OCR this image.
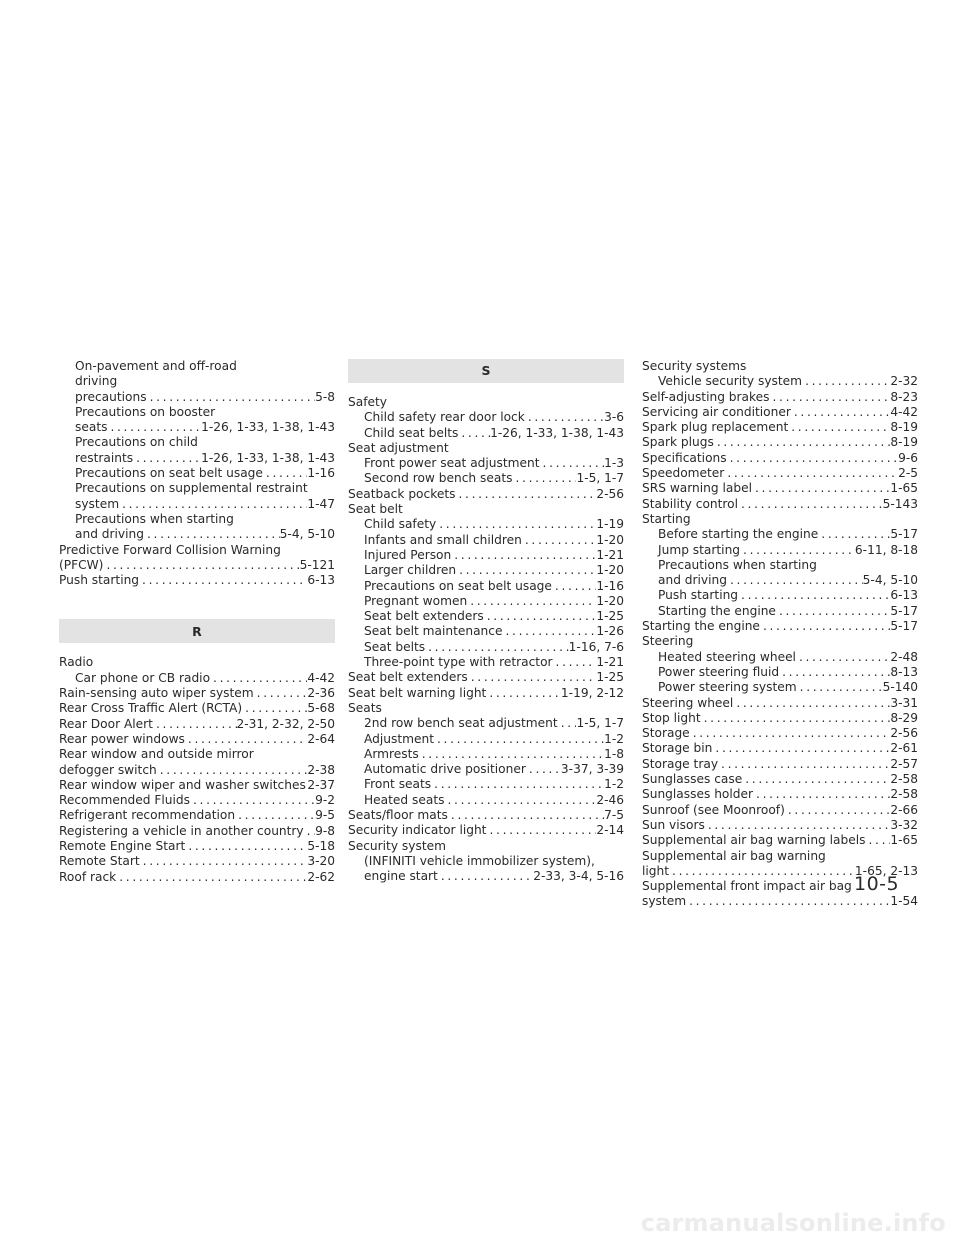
On-pavement and off-road
driving
precautions . . .	5-8
Precautions on booster
seats . . .	1-26, 1-33, 1-38, 1-43
Precautions on child
restraints . . .	1-26, 1-33, 1-38, 1-43
Precautions on seat belt usage . . .	1-16
Precautions on supplemental restraint
system . . .	1-47
Precautions when starting
and driving . . .	5-4, 5-10
Predictive Forward Collision Warning
(PFCW) . . .	5-121
Push starting . . .	6-13
R
Radio
Car phone or CB radio . . .	4-42
Rain-sensing auto wiper system . . .	2-36
Rear Cross Traffic Alert (RCTA) . . .	5-68
Rear Door Alert . . .	2-31, 2-32, 2-50
Rear power windows . . .	2-64
Rear window and outside mirror
defogger switch . . .	2-38
Rear window wiper and washer switches 2-37
Recommended Fluids . . .	9-2
Refrigerant recommendation . . .	9-5
Registering a vehicle in another country . . . 9-8
Remote Engine Start . . .	5-18
Remote Start . . .	3-20
Roof rack . . .	2-62
S
Safety
Child safety rear door lock . . .	3-6
Child seat belts . . .	1-26, 1-33, 1-38, 1-43
Seat adjustment
Front power seat adjustment . . .	1-3
Second row bench seats . . .	1-5, 1-7
Seatback pockets . . .	2-56
Seat belt
Child safety . . .	1-19
Infants and small children . . .	1-20
Injured Person . . .	1-21
Larger children . . .	1-20
Precautions on seat belt usage . . .	1-16
Pregnant women . . .	1-20
Seat belt extenders . . .	1-25
Seat belt maintenance . . .	1-26
Seat belts . . .	1-16, 7-6
Three-point type with retractor . . .	1-21
Seat belt extenders . . .	1-25
Seat belt warning light . . .	1-19, 2-12
Seats
2nd row bench seat adjustment . . . 1-5, 1-7
Adjustment . . .	1-2
Armrests . . .	1-8
Automatic drive positioner . . .	3-37, 3-39
Front seats . . .	1-2
Heated seats . . .	2-46
Seats/floor mats . . .	7-5
Security indicator light . . .	2-14
Security system
(INFINITI vehicle immobilizer system),
engine start . . .	2-33, 3-4, 5-16
Security systems
Vehicle security system . . .	2-32
Self-adjusting brakes . . .	8-23
Servicing air conditioner . . .	4-42
Spark plug replacement . . .	8-19
Spark plugs . . .	8-19
Specifications . . .	9-6
Speedometer . . .	2-5
SRS warning label . . .	1-65
Stability control . . .	5-143
Starting
Before starting the engine . . .	5-17
Jump starting . . .	6-11, 8-18
Precautions when starting
and driving . . .	5-4, 5-10
Push starting . . .	6-13
Starting the engine . . .	5-17
Starting the engine . . .	5-17
Steering
Heated steering wheel . . .	2-48
Power steering fluid . . .	8-13
Power steering system . . .	5-140
Steering wheel . . .	3-31
Stop light . . .	8-29
Storage . . .	2-56
Storage bin . . .	2-61
Storage tray . . .	2-57
Sunglasses case . . .	2-58
Sunglasses holder . . .	2-58
Sunroof (see Moonroof) . . .	2-66
Sun visors . . .	3-32
Supplemental air bag warning labels . . . 1-65
Supplemental air bag warning
light . . .	1-65, 2-13
Supplemental front impact air bag
system . . .	1-54
10-5
carmanualsonline.info
